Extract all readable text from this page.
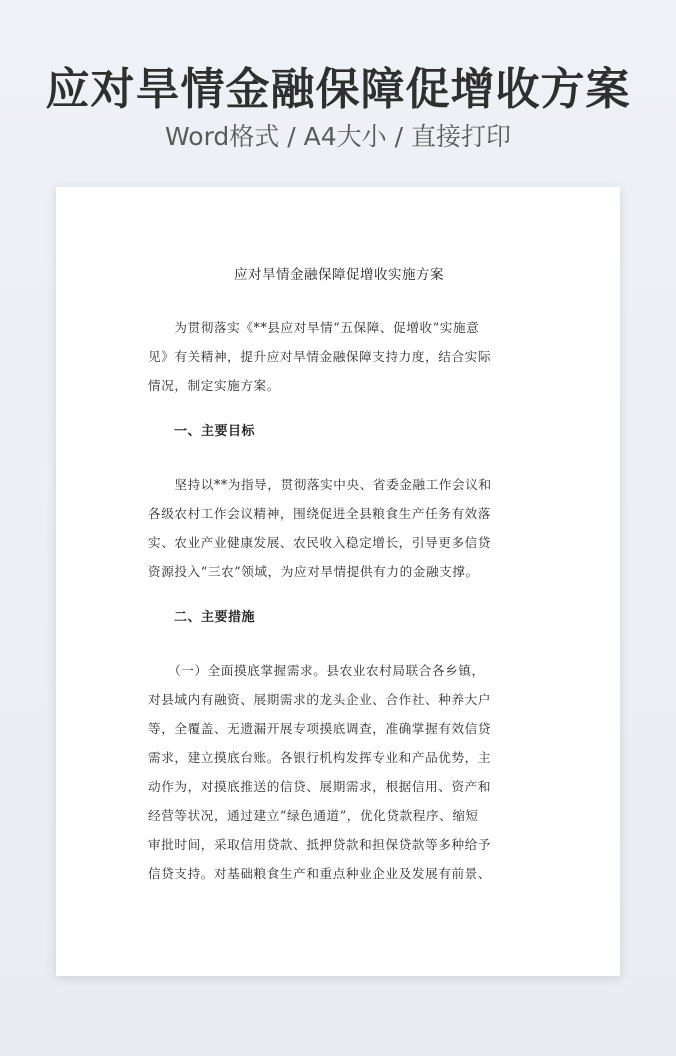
应对旱情金融保障促增收方案
Word格式 / A4大小 / 直接打印
应对旱情金融保障促增收实施方案
　　为贯彻落实《**县应对旱情“五保障、促增收”实施意
见》有关精神，提升应对旱情金融保障支持力度，结合实际
情况，制定实施方案。
一、主要目标
　　坚持以**为指导，贯彻落实中央、省委金融工作会议和
各级农村工作会议精神，围绕促进全县粮食生产任务有效落
实、农业产业健康发展、农民收入稳定增长，引导更多信贷
资源投入“三农”领域，为应对旱情提供有力的金融支撑。
二、主要措施
　　（一）全面摸底掌握需求。县农业农村局联合各乡镇，
对县域内有融资、展期需求的龙头企业、合作社、种养大户
等，全覆盖、无遗漏开展专项摸底调查，准确掌握有效信贷
需求，建立摸底台账。各银行机构发挥专业和产品优势，主
动作为，对摸底推送的信贷、展期需求，根据信用、资产和
经营等状况，通过建立“绿色通道”，优化贷款程序、缩短
审批时间，采取信用贷款、抵押贷款和担保贷款等多种给予
信贷支持。对基础粮食生产和重点种业企业及发展有前景、
